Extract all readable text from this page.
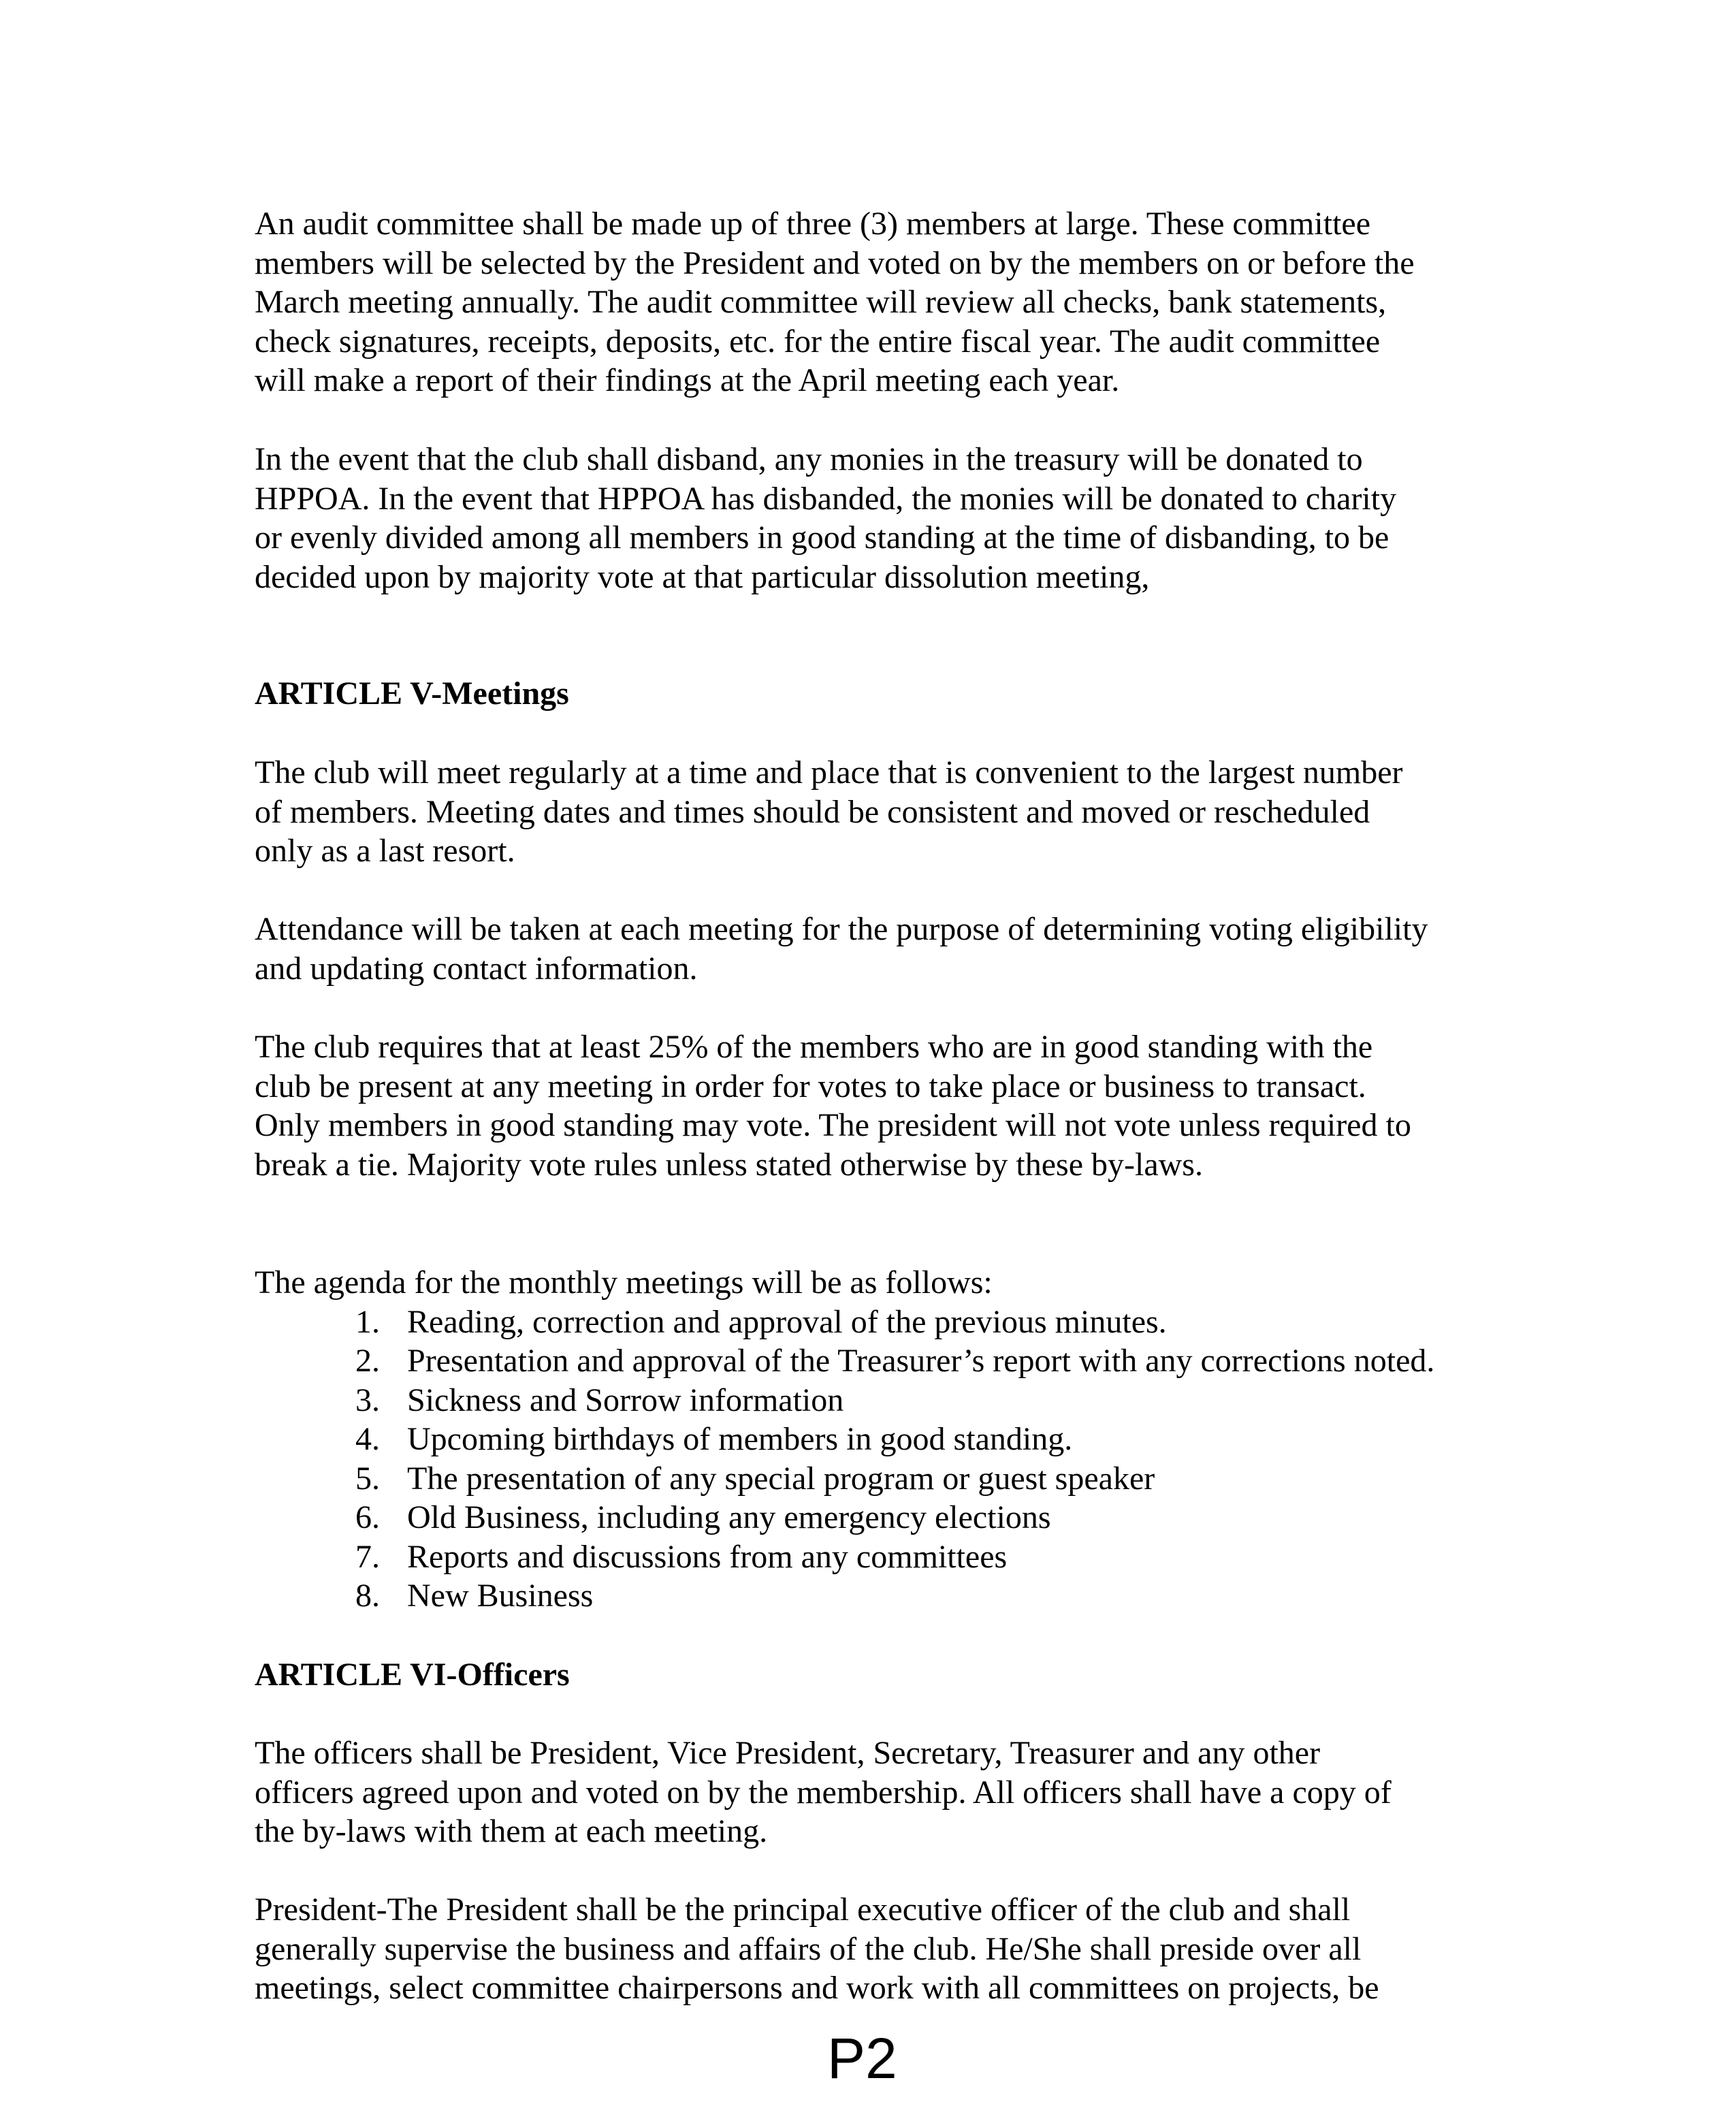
An audit committee shall be made up of three (3) members at large. These committee
members will be selected by the President and voted on by the members on or before the
March meeting annually. The audit committee will review all checks, bank statements,
check signatures, receipts, deposits, etc. for the entire fiscal year. The audit committee
will make a report of their findings at the April meeting each year.
In the event that the club shall disband, any monies in the treasury will be donated to
HPPOA. In the event that HPPOA has disbanded, the monies will be donated to charity
or evenly divided among all members in good standing at the time of disbanding, to be
decided upon by majority vote at that particular dissolution meeting,
ARTICLE V-Meetings
The club will meet regularly at a time and place that is convenient to the largest number
of members. Meeting dates and times should be consistent and moved or rescheduled
only as a last resort.
Attendance will be taken at each meeting for the purpose of determining voting eligibility
and updating contact information.
The club requires that at least 25% of the members who are in good standing with the
club be present at any meeting in order for votes to take place or business to transact.
Only members in good standing may vote. The president will not vote unless required to
break a tie. Majority vote rules unless stated otherwise by these by-laws.
The agenda for the monthly meetings will be as follows:
1. Reading, correction and approval of the previous minutes.
2. Presentation and approval of the Treasurer’s report with any corrections noted.
3. Sickness and Sorrow information
4. Upcoming birthdays of members in good standing.
5. The presentation of any special program or guest speaker
6. Old Business, including any emergency elections
7. Reports and discussions from any committees
8. New Business
ARTICLE VI-Officers
The officers shall be President, Vice President, Secretary, Treasurer and any other
officers agreed upon and voted on by the membership. All officers shall have a copy of
the by-laws with them at each meeting.
President-The President shall be the principal executive officer of the club and shall
generally supervise the business and affairs of the club. He/She shall preside over all
meetings, select committee chairpersons and work with all committees on projects, be
P2
